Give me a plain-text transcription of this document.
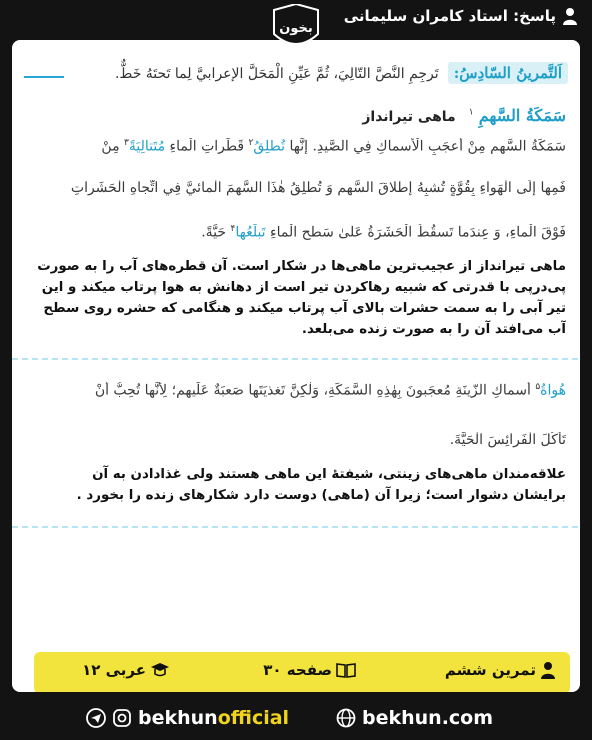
پاسخ: استاد کامران سلیمانی
بخون
اَلتَّمرينُ السّادِسُ: تَرجِمِ النَّصَّ التّالِيَ، ثُمَّ عَيِّنِ الْمَحَلَّ الإعرابيَّ لِما تَحتَهُ خَطٌّ.
سَمَكَةُ السَّهمِ $^۱$ ماهی تیرانداز
سَمَكَةُ السَّهمِ مِنْ أعجَبِ الْأَسماكِ فِي الصَّيدِ. إنَّها تُطلِقُ$^۲$ قَطَراتِ الْماءِ مُتَتالِيَةً$^۳$ مِنْ
فَمِها إلَى الْهَواءِ بِقُوَّةٍ تُشبِهُ إطلاقَ السَّهمِ وَ تُطلِقُ هٰذَا السَّهمَ الْمائيَّ فِي اتِّجاهِ الْحَشَراتِ
فَوْقَ الْماءِ، وَ عِندَما تَسقُطُ الْحَشَرَةُ عَلىٰ سَطحِ الْماءِ تَبلَعُها$^۴$ حَيَّةً.
ماهی تیرانداز از عجیب‌ترین ماهی‌ها در شکار است. آن قطره‌های آب را به صورت
پی‌درپی با قدرتی که شبیه رهاکردن تیر است از دهانش به هوا پرتاب میکند و این
تیر آبی را به سمت حشرات بالای آب پرتاب میکند و هنگامی که حشره روی سطح
آب می‌افتد آن را به صورت زنده می‌بلعد.
هُواةُ$^۵$ أَسماكِ الزّينَةِ مُعجَبونَ بِهٰذِهِ السَّمَكَةِ، وَلٰكِنَّ تَغذيَتَها صَعبَةٌ عَلَيهِم؛ لِأنَّها تُحِبُّ أَنْ
تَأكُلَ الْفَرائِسَ الْحَيَّةَ.
علاقه‌مندان ماهی‌های زینتی، شیفتهٔ این ماهی هستند ولی غذادادن به آن
برایشان دشوار است؛ زیرا آن (ماهی) دوست دارد شکارهای زنده را بخورد .
تمرین ششم
صفحه ۳۰
عربی ۱۲
bekhunofficial	bekhun.com
